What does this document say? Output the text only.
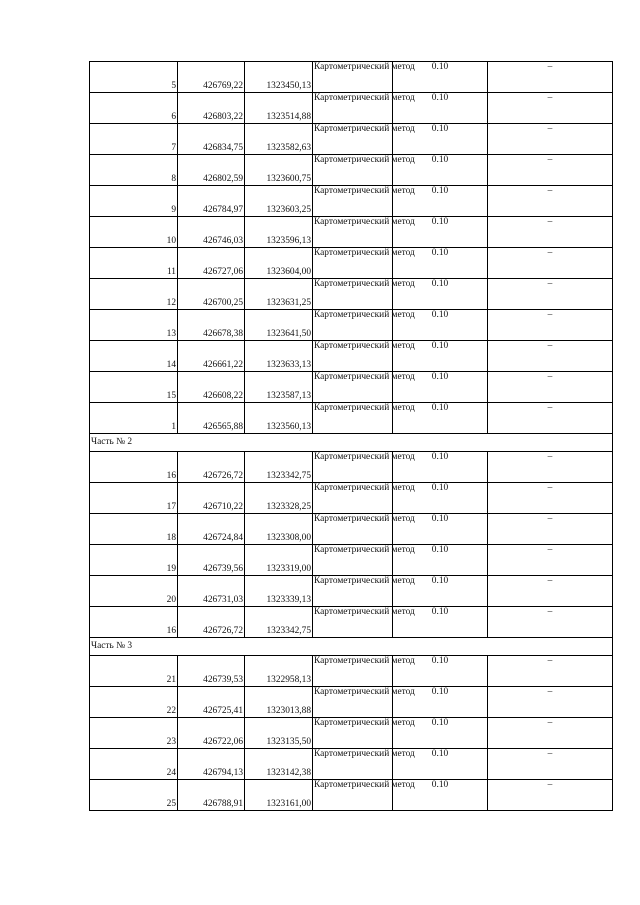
5	426769,22	1323450,13	Картометрический метод	0.10	–
6	426803,22	1323514,88	Картометрический метод	0.10	–
7	426834,75	1323582,63	Картометрический метод	0.10	–
8	426802,59	1323600,75	Картометрический метод	0.10	–
9	426784,97	1323603,25	Картометрический метод	0.10	–
10	426746,03	1323596,13	Картометрический метод	0.10	–
11	426727,06	1323604,00	Картометрический метод	0.10	–
12	426700,25	1323631,25	Картометрический метод	0.10	–
13	426678,38	1323641,50	Картометрический метод	0.10	–
14	426661,22	1323633,13	Картометрический метод	0.10	–
15	426608,22	1323587,13	Картометрический метод	0.10	–
1	426565,88	1323560,13	Картометрический метод	0.10	–
Часть № 2					
16	426726,72	1323342,75	Картометрический метод	0.10	–
17	426710,22	1323328,25	Картометрический метод	0.10	–
18	426724,84	1323308,00	Картометрический метод	0.10	–
19	426739,56	1323319,00	Картометрический метод	0.10	–
20	426731,03	1323339,13	Картометрический метод	0.10	–
16	426726,72	1323342,75	Картометрический метод	0.10	–
Часть № 3					
21	426739,53	1322958,13	Картометрический метод	0.10	–
22	426725,41	1323013,88	Картометрический метод	0.10	–
23	426722,06	1323135,50	Картометрический метод	0.10	–
24	426794,13	1323142,38	Картометрический метод	0.10	–
25	426788,91	1323161,00	Картометрический метод	0.10	–
